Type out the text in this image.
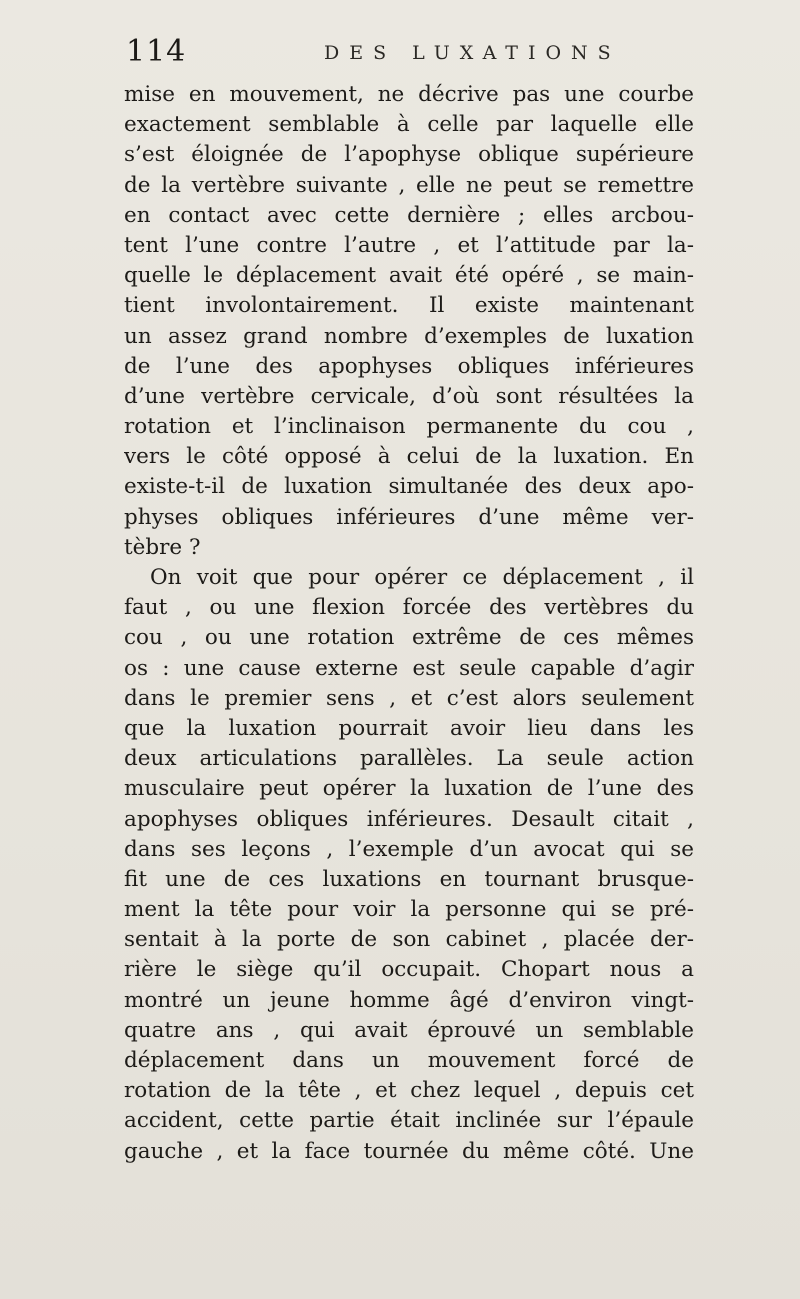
114	DES LUXATIONS
mise en mouvement, ne décrive pas une courbe
exactement semblable à celle par laquelle elle
s’est éloignée de l’apophyse oblique supérieure
de la vertèbre suivante , elle ne peut se remettre
en contact avec cette dernière ; elles arcbou-
tent l’une contre l’autre , et l’attitude par la-
quelle le déplacement avait été opéré , se main-
tient involontairement. Il existe maintenant
un assez grand nombre d’exemples de luxation
de l’une des apophyses obliques inférieures
d’une vertèbre cervicale, d’où sont résultées la
rotation et l’inclinaison permanente du cou ,
vers le côté opposé à celui de la luxation. En
existe-t-il de luxation simultanée des deux apo-
physes obliques inférieures d’une même ver-
tèbre ?
On voit que pour opérer ce déplacement , il
faut , ou une flexion forcée des vertèbres du
cou , ou une rotation extrême de ces mêmes
os : une cause externe est seule capable d’agir
dans le premier sens , et c’est alors seulement
que la luxation pourrait avoir lieu dans les
deux articulations parallèles. La seule action
musculaire peut opérer la luxation de l’une des
apophyses obliques inférieures. Desault citait ,
dans ses leçons , l’exemple d’un avocat qui se
fit une de ces luxations en tournant brusque-
ment la tête pour voir la personne qui se pré-
sentait à la porte de son cabinet , placée der-
rière le siège qu’il occupait. Chopart nous a
montré un jeune homme âgé d’environ vingt-
quatre ans , qui avait éprouvé un semblable
déplacement dans un mouvement forcé de
rotation de la tête , et chez lequel , depuis cet
accident, cette partie était inclinée sur l’épaule
gauche , et la face tournée du même côté. Une
